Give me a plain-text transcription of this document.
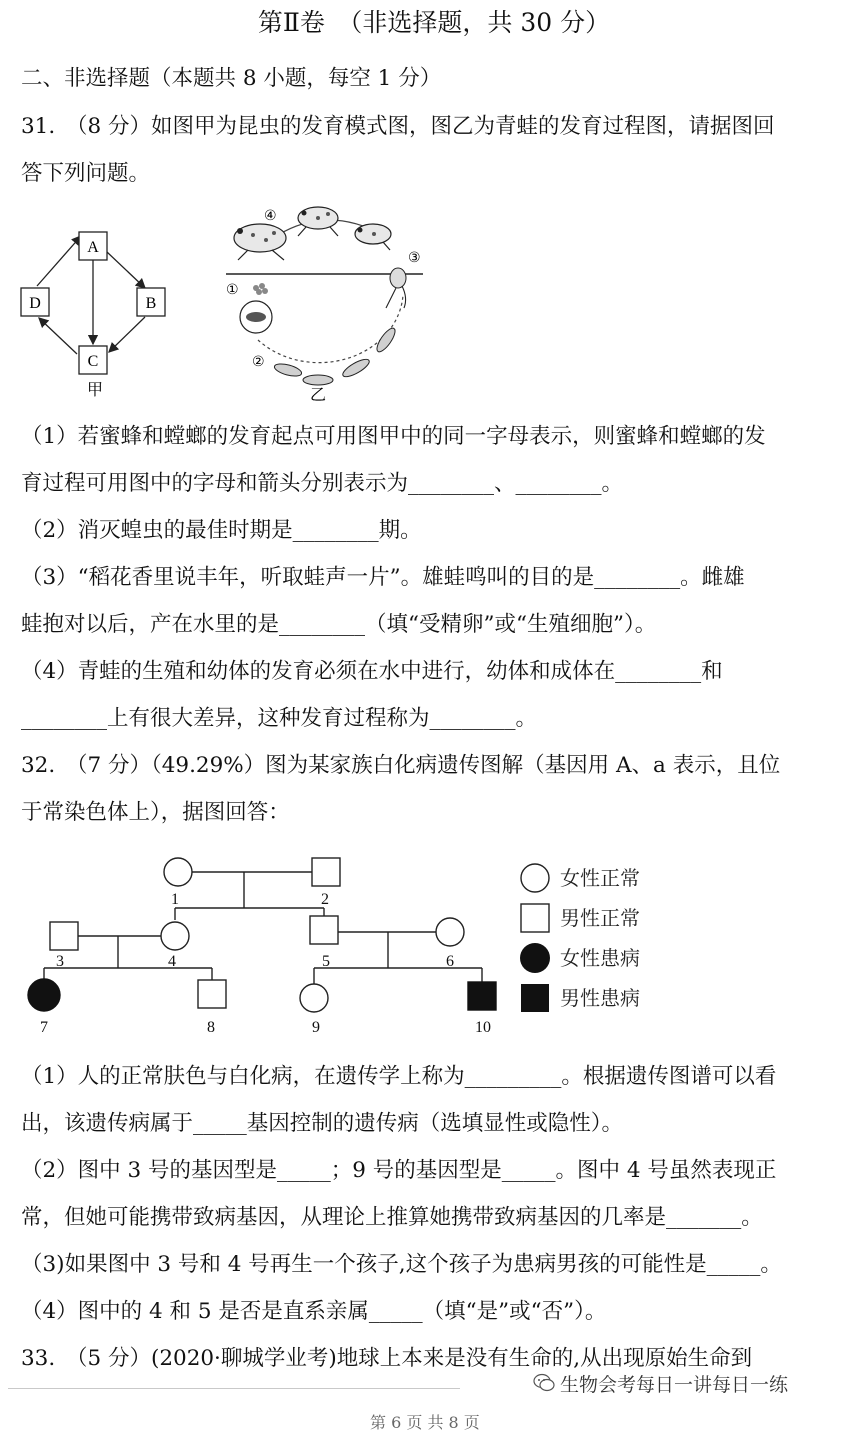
第Ⅱ卷　（非选择题，共 30 分）
二、非选择题（本题共 8 小题，每空 1 分）
31.　（8 分）如图甲为昆虫的发育模式图，图乙为青蛙的发育过程图，请据图回
答下列问题。
A
B
C
D
甲
④
③
①
②
乙
（1）若蜜蜂和螳螂的发育起点可用图甲中的同一字母表示，则蜜蜂和螳螂的发
育过程可用图中的字母和箭头分别表示为________、________。
（2）消灭蝗虫的最佳时期是________期。
（3）“稻花香里说丰年，听取蛙声一片”。雄蛙鸣叫的目的是________。雌雄
蛙抱对以后，产在水里的是________（填“受精卵”或“生殖细胞”）。
（4）青蛙的生殖和幼体的发育必须在水中进行，幼体和成体在________和
________上有很大差异，这种发育过程称为________。
32.　（7 分）（49.29%）图为某家族白化病遗传图解（基因用 A、a 表示，且位
于常染色体上），据图回答：
1	2
3	4	5	6
7	8	9	10
女性正常
男性正常
女性患病
男性患病
（1）人的正常肤色与白化病，在遗传学上称为_________。根据遗传图谱可以看
出，该遗传病属于_____基因控制的遗传病（选填显性或隐性）。
（2）图中 3 号的基因型是_____；9 号的基因型是_____。图中 4 号虽然表现正
常，但她可能携带致病基因，从理论上推算她携带致病基因的几率是_______。
（3)如果图中 3 号和 4 号再生一个孩子,这个孩子为患病男孩的可能性是_____。
（4）图中的 4 和 5 是否是直系亲属_____（填“是”或“否”）。
33.　（5 分）(2020·聊城学业考)地球上本来是没有生命的,从出现原始生命到
生物会考每日一讲每日一练
第 6 页 共 8 页
